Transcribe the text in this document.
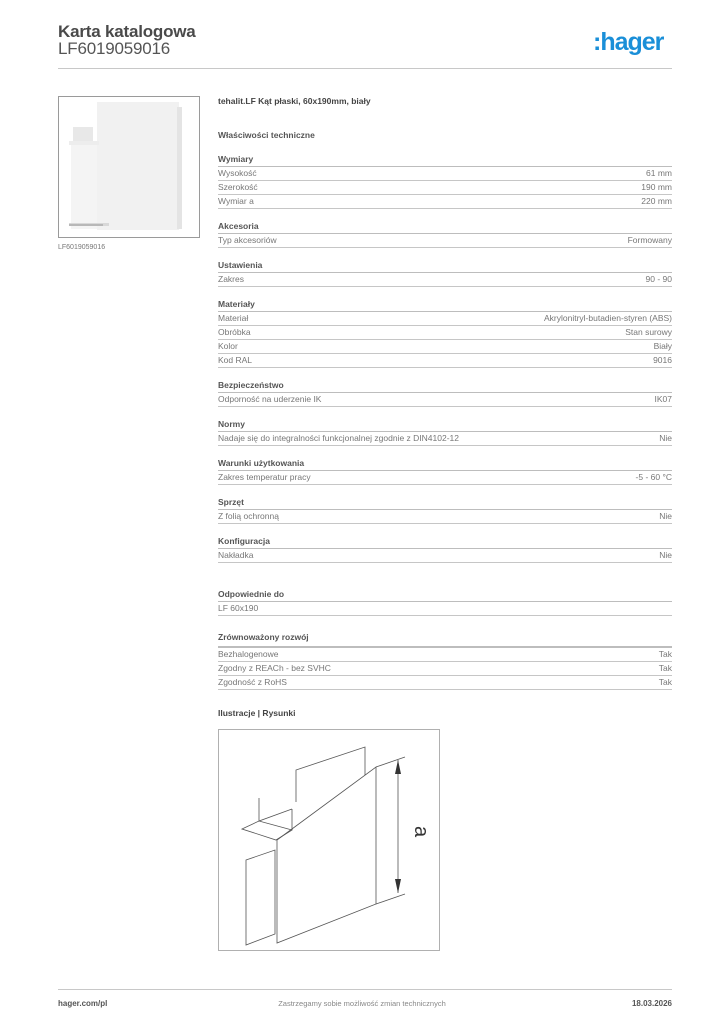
Karta katalogowa
LF6019059016	:hager
LF6019059016
tehalit.LF Kąt płaski, 60x190mm, biały
Właściwości techniczne
Wymiary
Wysokość	61 mm
Szerokość	190 mm
Wymiar a	220 mm
Akcesoria
Typ akcesoriów	Formowany
Ustawienia
Zakres	90 - 90
Materiały
Materiał	Akrylonitryl-butadien-styren (ABS)
Obróbka	Stan surowy
Kolor	Biały
Kod RAL	9016
Bezpieczeństwo
Odporność na uderzenie IK	IK07
Normy
Nadaje się do integralności funkcjonalnej zgodnie z DIN4102-12	Nie
Warunki użytkowania
Zakres temperatur pracy	-5 - 60 °C
Sprzęt
Z folią ochronną	Nie
Konfiguracja
Nakładka	Nie
Odpowiednie do
LF 60x190
Zrównoważony rozwój
Bezhalogenowe	Tak
Zgodny z REACh - bez SVHC	Tak
Zgodność z RoHS	Tak
Ilustracje | Rysunki
a
hager.com/pl	Zastrzegamy sobie możliwość zmian technicznych	18.03.2026
